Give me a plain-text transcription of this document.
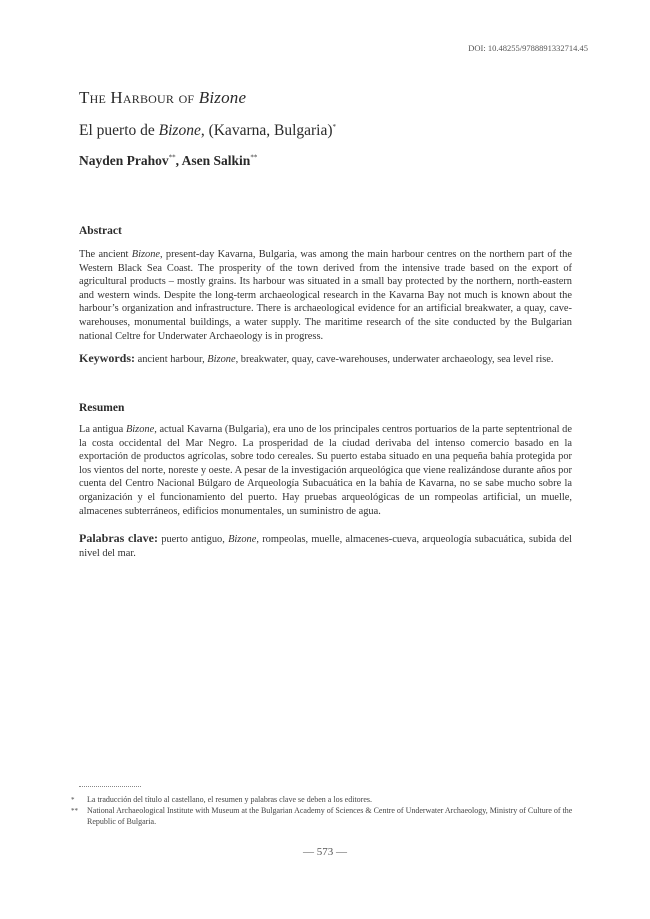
DOI: 10.48255/9788891332714.45
The Harbour of Bizone
El puerto de Bizone, (Kavarna, Bulgaria)*
Nayden Prahov**, Asen Salkin**
Abstract
The ancient Bizone, present-day Kavarna, Bulgaria, was among the main harbour centres on the northern part of the Western Black Sea Coast. The prosperity of the town derived from the intensive trade based on the export of agricultural products – mostly grains. Its harbour was situated in a small bay protected by the northern, north-eastern and western winds. Despite the long-term archaeological research in the Kavarna Bay not much is known about the harbour’s organization and infrastructure. There is archaeological evidence for an artificial breakwater, a quay, cave-warehouses, monumental buildings, a water supply. The maritime research of the site conducted by the Bulgarian national Celtre for Underwater Archaeology is in progress.
Keywords: ancient harbour, Bizone, breakwater, quay, cave-warehouses, underwater archaeology, sea level rise.
Resumen
La antigua Bizone, actual Kavarna (Bulgaria), era uno de los principales centros portuarios de la parte septentrional de la costa occidental del Mar Negro. La prosperidad de la ciudad derivaba del intenso comercio basado en la exportación de productos agrícolas, sobre todo cereales. Su puerto estaba situado en una pequeña bahía protegida por los vientos del norte, noreste y oeste. A pesar de la investigación arqueológica que viene realizándose durante años por cuenta del Centro Nacional Búlgaro de Arqueología Subacuática en la bahía de Kavarna, no se sabe mucho sobre la organización y el funcionamiento del puerto. Hay pruebas arqueológicas de un rompeolas artificial, un muelle, almacenes subterráneos, edificios monumentales, un suministro de agua.
Palabras clave: puerto antiguo, Bizone, rompeolas, muelle, almacenes-cueva, arqueología subacuática, subida del nivel del mar.
* La traducción del título al castellano, el resumen y palabras clave se deben a los editores.
** National Archaeological Institute with Museum at the Bulgarian Academy of Sciences & Centre of Underwater Archaeology, Ministry of Culture of the Republic of Bulgaria.
— 573 —
